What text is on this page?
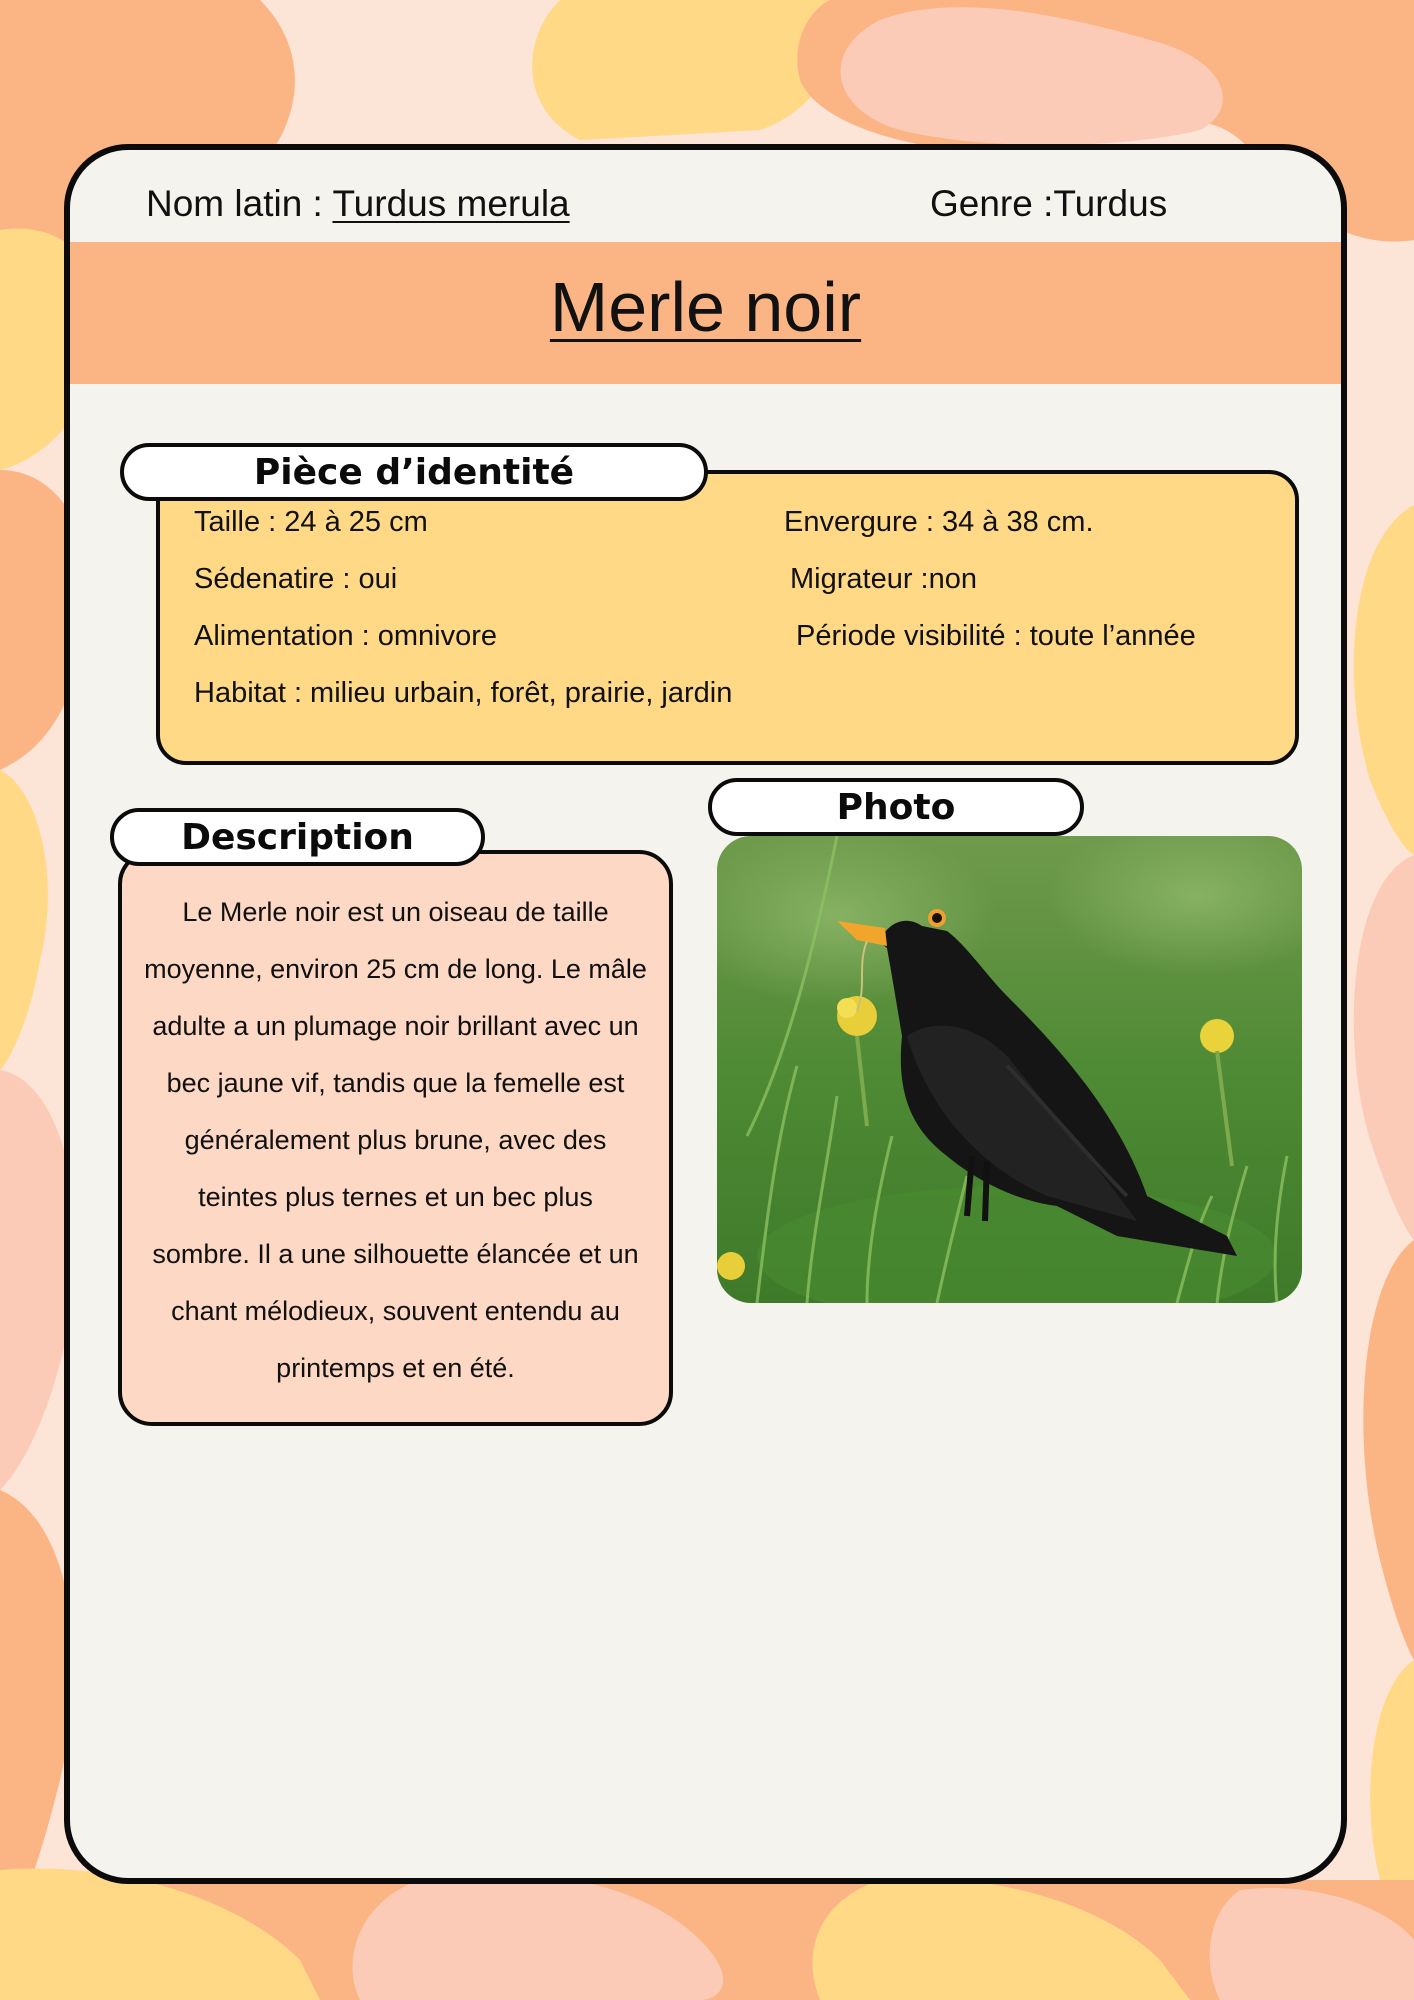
Nom latin : Turdus merula	Genre :Turdus
Merle noir
Taille : 24 à 25 cm	Envergure : 34 à 38 cm.
Sédenatire : oui	Migrateur :non
Alimentation : omnivore	Période visibilité : toute l’année
Habitat : milieu urbain, forêt, prairie, jardin
Pièce d’identité
Le Merle noir est un oiseau de taille
moyenne, environ 25 cm de long. Le mâle
adulte a un plumage noir brillant avec un
bec jaune vif, tandis que la femelle est
généralement plus brune, avec des
teintes plus ternes et un bec plus
sombre. Il a une silhouette élancée et un
chant mélodieux, souvent entendu au
printemps et en été.
Description
Photo
